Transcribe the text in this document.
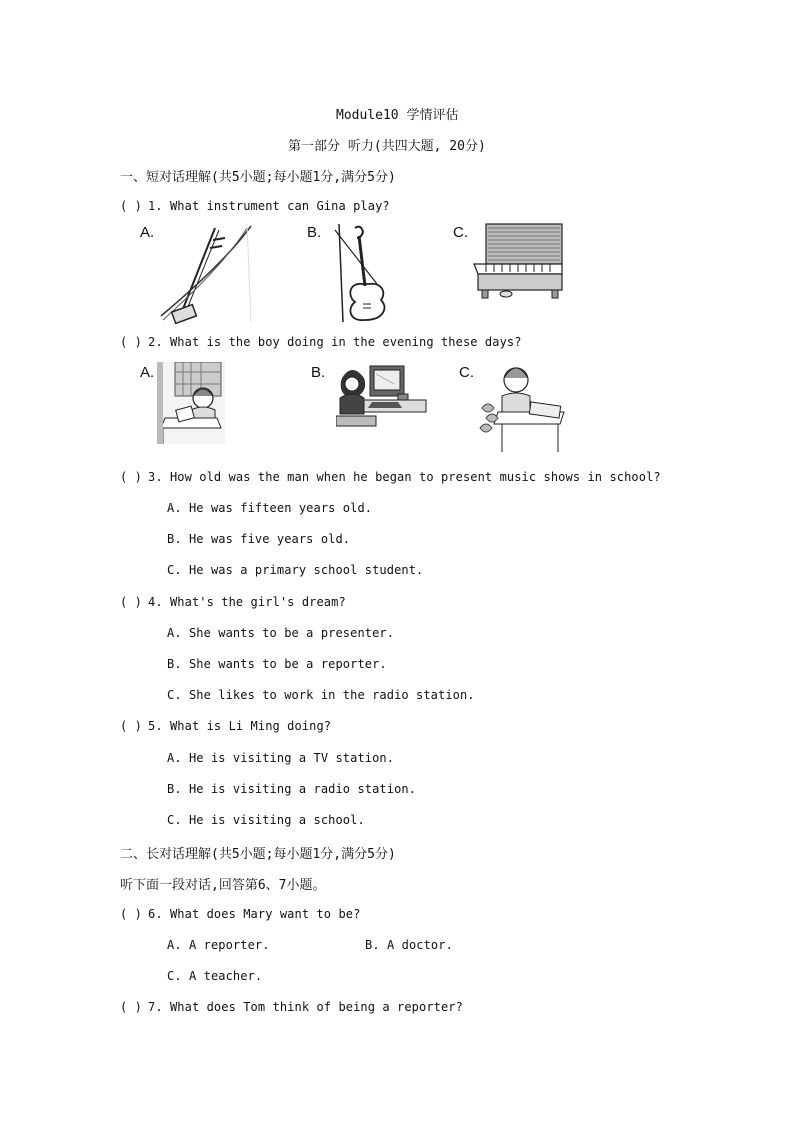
Module10 学情评估
第一部分 听力(共四大题, 20分)
一、短对话理解(共5小题;每小题1分,满分5分)
( ) 1. What instrument can Gina play?
A.	B.	C.
( ) 2. What is the boy doing in the evening these days?
A.	B.	C.
( ) 3. How old was the man when he began to present music shows in school?
A. He was fifteen years old.
B. He was five years old.
C. He was a primary school student.
( ) 4. What's the girl's dream?
A. She wants to be a presenter.
B. She wants to be a reporter.
C. She likes to work in the radio station.
( ) 5. What is Li Ming doing?
A. He is visiting a TV station.
B. He is visiting a radio station.
C. He is visiting a school.
二、长对话理解(共5小题;每小题1分,满分5分)
听下面一段对话,回答第6、7小题。
( ) 6. What does Mary want to be?
A. A reporter.	B. A doctor.
C. A teacher.
( ) 7. What does Tom think of being a reporter?
